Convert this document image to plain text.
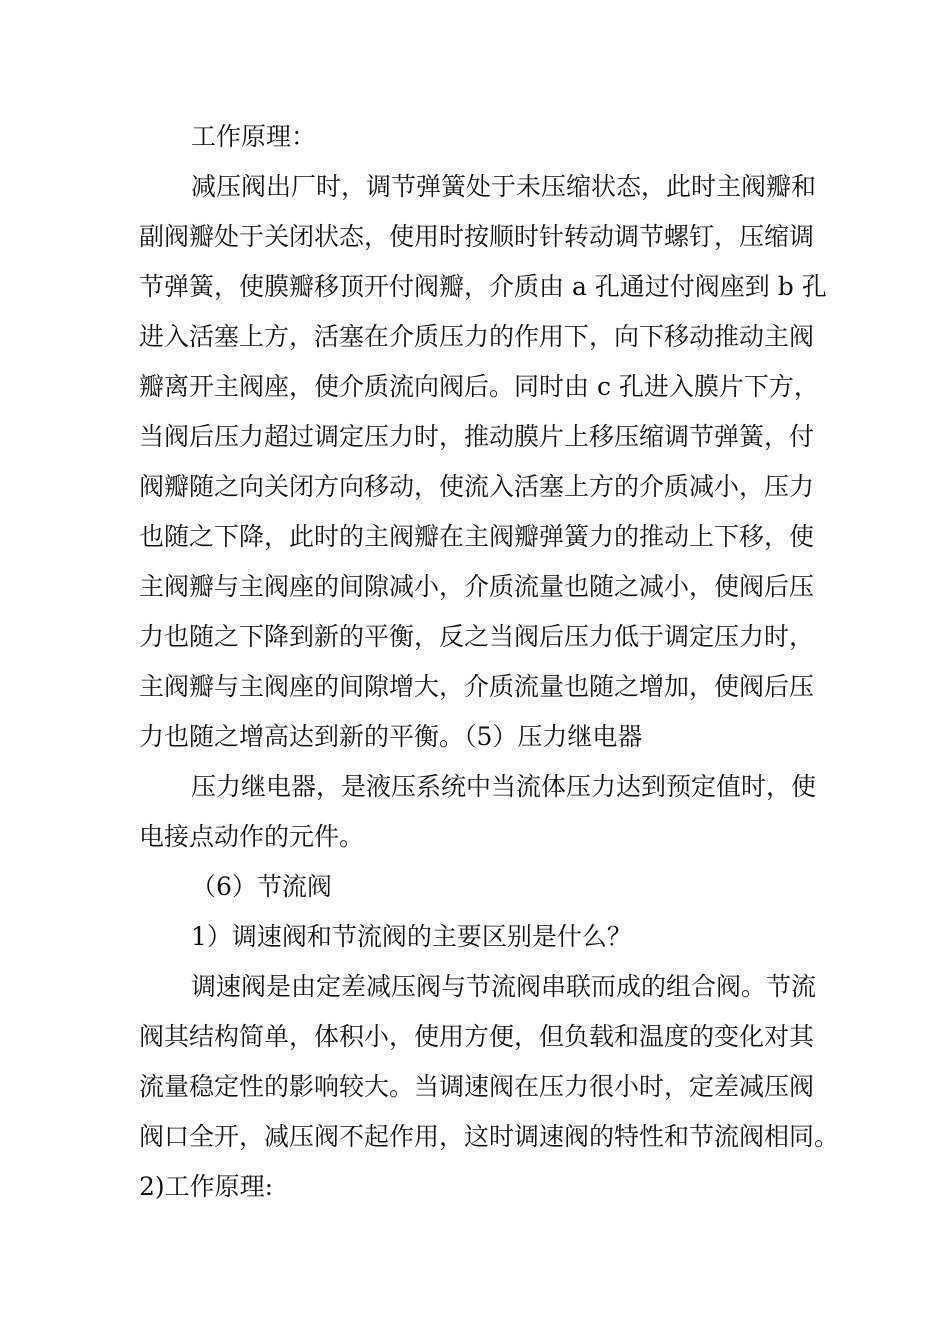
工作原理：

减压阀出厂时，调节弹簧处于未压缩状态，此时主阀瓣和

副阀瓣处于关闭状态，使用时按顺时针转动调节螺钉，压缩调

节弹簧，使膜瓣移顶开付阀瓣，介质由 a 孔通过付阀座到 b 孔

进入活塞上方，活塞在介质压力的作用下，向下移动推动主阀

瓣离开主阀座，使介质流向阀后。同时由 c 孔进入膜片下方，

当阀后压力超过调定压力时，推动膜片上移压缩调节弹簧，付

阀瓣随之向关闭方向移动，使流入活塞上方的介质减小，压力

也随之下降，此时的主阀瓣在主阀瓣弹簧力的推动上下移，使

主阀瓣与主阀座的间隙减小，介质流量也随之减小，使阀后压

力也随之下降到新的平衡，反之当阀后压力低于调定压力时，

主阀瓣与主阀座的间隙增大，介质流量也随之增加，使阀后压

力也随之增高达到新的平衡。（5）压力继电器

压力继电器，是液压系统中当流体压力达到预定值时，使

电接点动作的元件。

（6）节流阀

1）调速阀和节流阀的主要区别是什么？

调速阀是由定差减压阀与节流阀串联而成的组合阀。节流

阀其结构简单，体积小，使用方便，但负载和温度的变化对其

流量稳定性的影响较大。当调速阀在压力很小时，定差减压阀

阀口全开，减压阀不起作用，这时调速阀的特性和节流阀相同。

2)工作原理:
